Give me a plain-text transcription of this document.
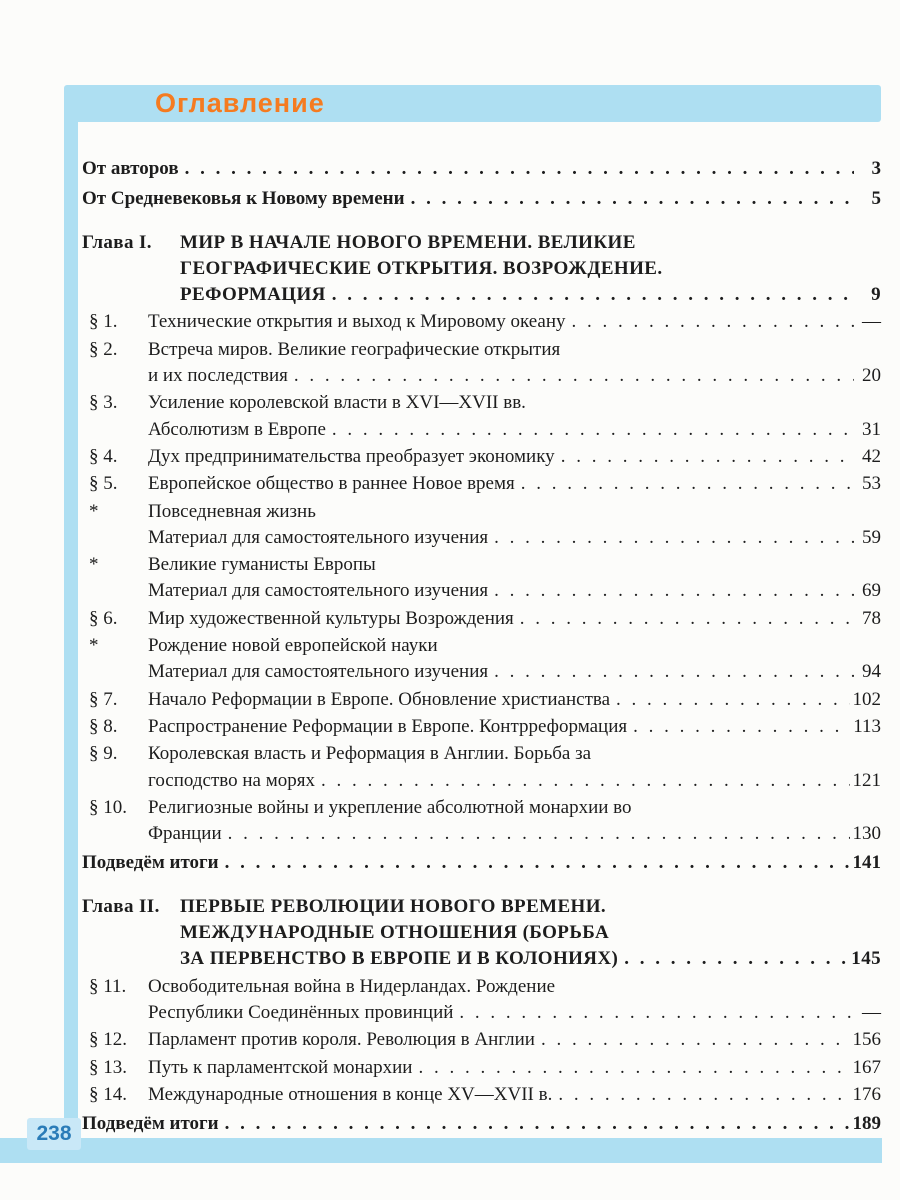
Оглавление
От авторов . . .	3
От Средневековья к Новому времени . . .	5
Глава I.	МИР В НАЧАЛЕ НОВОГО ВРЕМЕНИ. ВЕЛИКИЕ
ГЕОГРАФИЧЕСКИЕ ОТКРЫТИЯ. ВОЗРОЖДЕНИЕ.
РЕФОРМАЦИЯ . . .	9
§ 1.	Технические открытия и выход к Мировому океану . . .	—
§ 2.	Встреча миров. Великие географические открытия
и их последствия . . .	20
§ 3.	Усиление королевской власти в XVI—XVII вв.
Абсолютизм в Европе . . .	31
§ 4.	Дух предпринимательства преобразует экономику . . .	42
§ 5.	Европейское общество в раннее Новое время . . .	53
*	Повседневная жизнь
Материал для самостоятельного изучения . . .	59
*	Великие гуманисты Европы
Материал для самостоятельного изучения . . .	69
§ 6.	Мир художественной культуры Возрождения . . .	78
*	Рождение новой европейской науки
Материал для самостоятельного изучения . . .	94
§ 7.	Начало Реформации в Европе. Обновление христианства . . .	102
§ 8.	Распространение Реформации в Европе. Контрреформация . . .	113
§ 9.	Королевская власть и Реформация в Англии. Борьба за
господство на морях . . .	121
§ 10.	Религиозные войны и укрепление абсолютной монархии во
Франции . . .	130
Подведём итоги . . .	141
Глава II.	ПЕРВЫЕ РЕВОЛЮЦИИ НОВОГО ВРЕМЕНИ.
МЕЖДУНАРОДНЫЕ ОТНОШЕНИЯ (БОРЬБА
ЗА ПЕРВЕНСТВО В ЕВРОПЕ И В КОЛОНИЯХ) . . .	145
§ 11.	Освободительная война в Нидерландах. Рождение
Республики Соединённых провинций . . .	—
§ 12.	Парламент против короля. Революция в Англии . . .	156
§ 13.	Путь к парламентской монархии . . .	167
§ 14.	Международные отношения в конце XV—XVII в. . . .	176
Подведём итоги . . .	189
238
